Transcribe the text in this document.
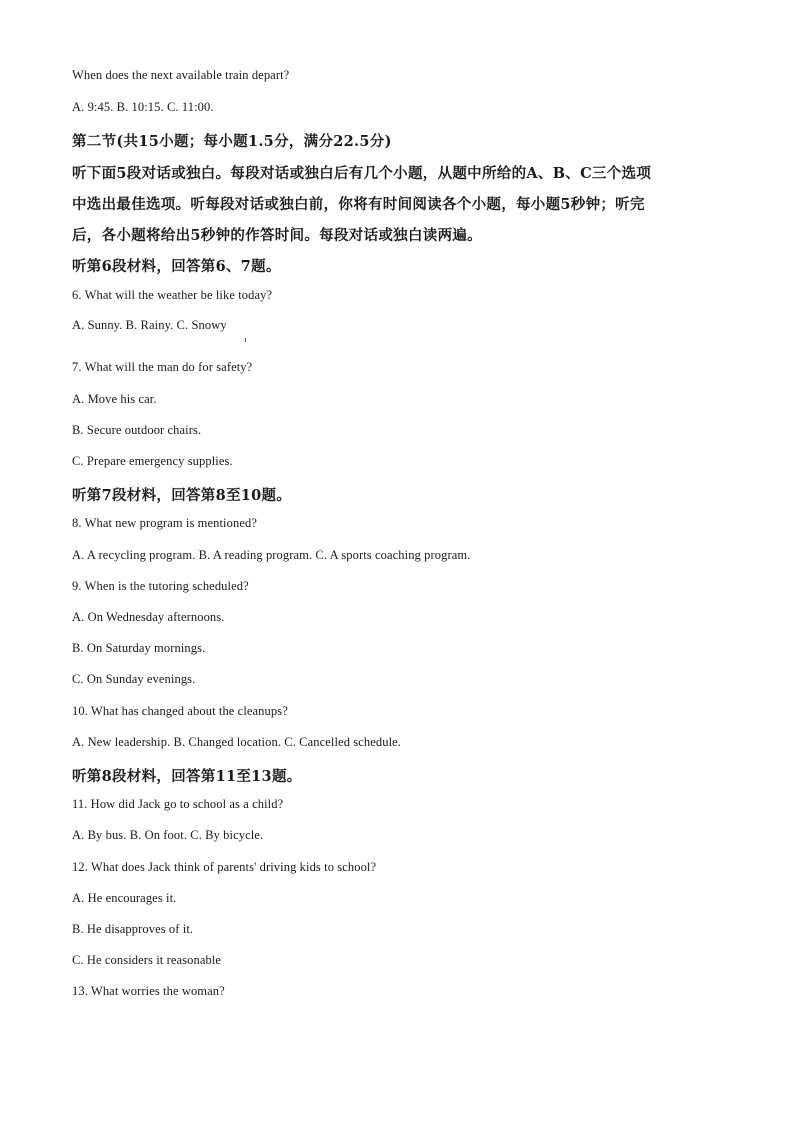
When does the next available train depart?
A. 9:45. B. 10:15. C. 11:00.
第二节(共15小题；每小题1.5分，满分22.5分)
听下面5段对话或独白。每段对话或独白后有几个小题，从题中所给的A、B、C三个选项
中选出最佳选项。听每段对话或独白前，你将有时间阅读各个小题，每小题5秒钟；听完
后，各小题将给出5秒钟的作答时间。每段对话或独白读两遍。
听第6段材料，回答第6、7题。
6. What will the weather be like today?
A. Sunny. B. Rainy. C. Snowy
7. What will the man do for safety?
A. Move his car.
B. Secure outdoor chairs.
C. Prepare emergency supplies.
听第7段材料，回答第8至10题。
8. What new program is mentioned?
A. A recycling program. B. A reading program. C. A sports coaching program.
9. When is the tutoring scheduled?
A. On Wednesday afternoons.
B. On Saturday mornings.
C. On Sunday evenings.
10. What has changed about the cleanups?
A. New leadership. B. Changed location. C. Cancelled schedule.
听第8段材料，回答第11至13题。
11. How did Jack go to school as a child?
A. By bus. B. On foot. C. By bicycle.
12. What does Jack think of parents' driving kids to school?
A. He encourages it.
B. He disapproves of it.
C. He considers it reasonable
13. What worries the woman?
